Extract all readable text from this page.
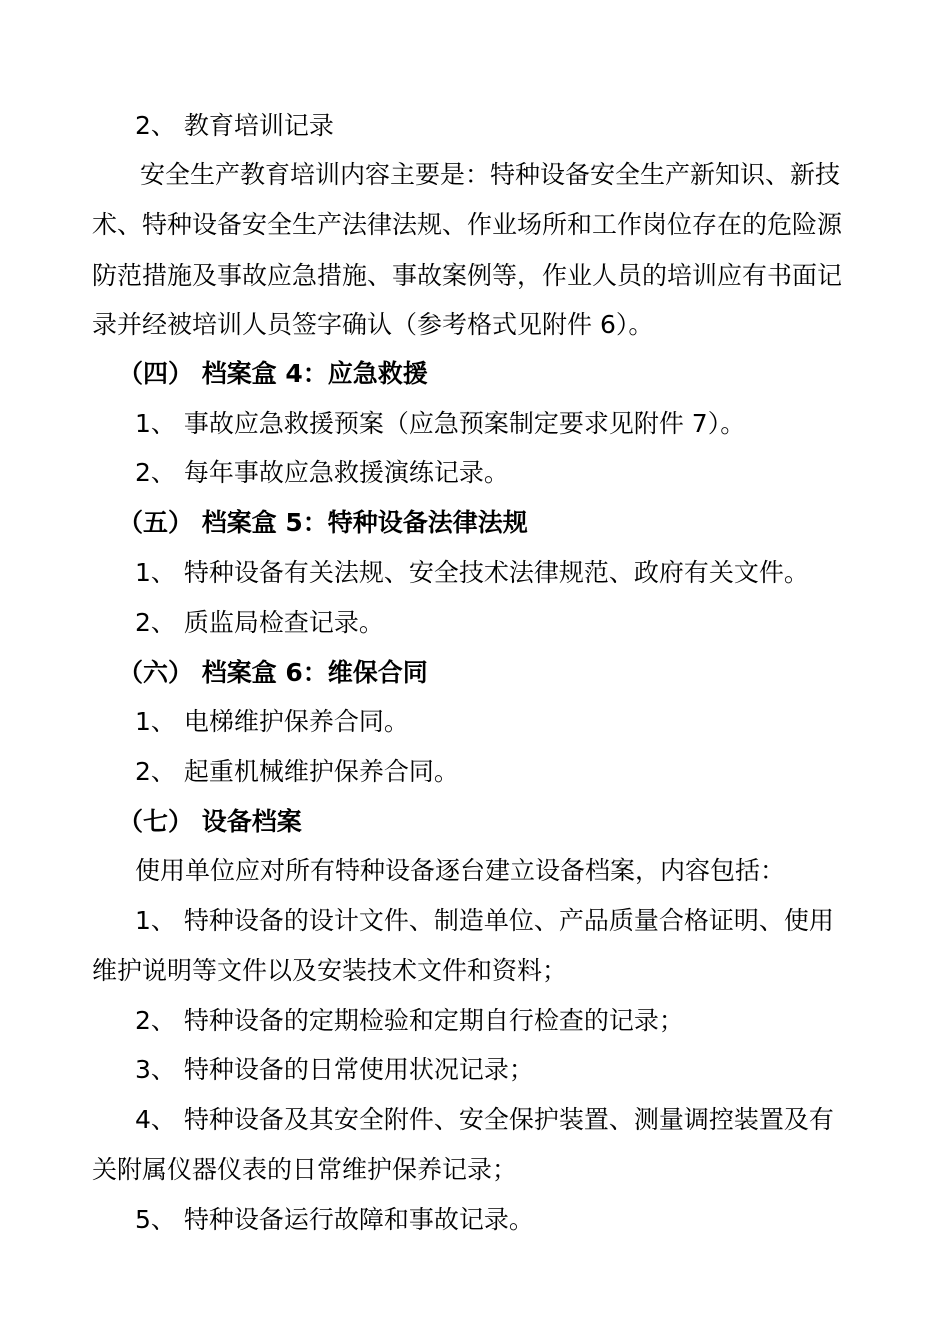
2、 教育培训记录
安全生产教育培训内容主要是：特种设备安全生产新知识、新技
术、特种设备安全生产法律法规、作业场所和工作岗位存在的危险源
防范措施及事故应急措施、事故案例等，作业人员的培训应有书面记
录并经被培训人员签字确认（参考格式见附件 6）。
（四） 档案盒 4：应急救援
1、 事故应急救援预案（应急预案制定要求见附件 7）。
2、 每年事故应急救援演练记录。
（五） 档案盒 5：特种设备法律法规
1、 特种设备有关法规、安全技术法律规范、政府有关文件。
2、 质监局检查记录。
（六） 档案盒 6：维保合同
1、 电梯维护保养合同。
2、 起重机械维护保养合同。
（七） 设备档案
使用单位应对所有特种设备逐台建立设备档案，内容包括：
1、 特种设备的设计文件、制造单位、产品质量合格证明、使用
维护说明等文件以及安装技术文件和资料；
2、 特种设备的定期检验和定期自行检查的记录；
3、 特种设备的日常使用状况记录；
4、 特种设备及其安全附件、安全保护装置、测量调控装置及有
关附属仪器仪表的日常维护保养记录；
5、 特种设备运行故障和事故记录。
